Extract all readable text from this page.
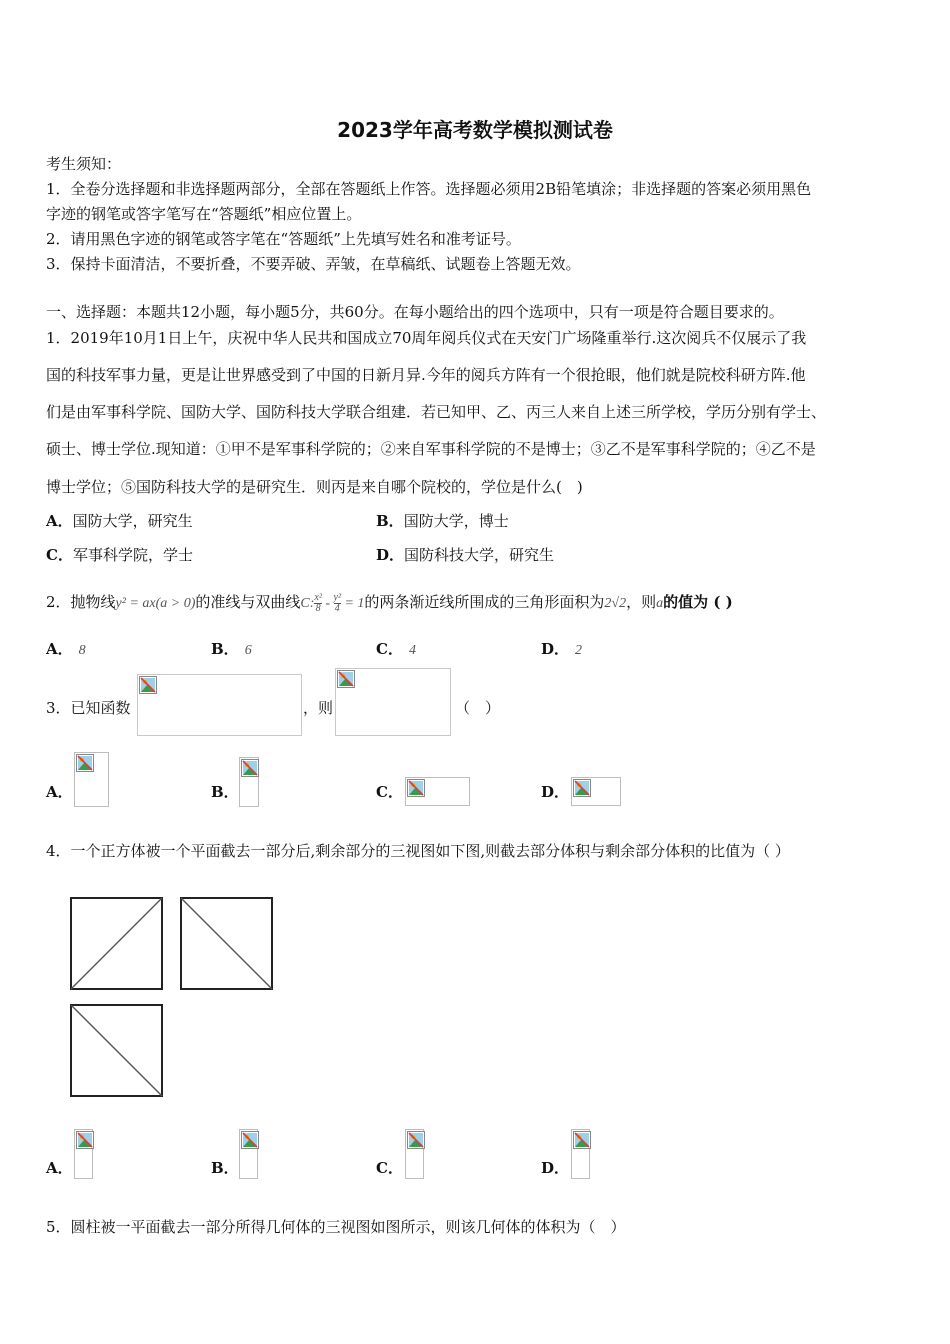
2023学年高考数学模拟测试卷
考生须知：
1．全卷分选择题和非选择题两部分，全部在答题纸上作答。选择题必须用2B铅笔填涂；非选择题的答案必须用黑色
字迹的钢笔或答字笔写在“答题纸”相应位置上。
2．请用黑色字迹的钢笔或答字笔在“答题纸”上先填写姓名和准考证号。
3．保持卡面清洁，不要折叠，不要弄破、弄皱，在草稿纸、试题卷上答题无效。
一、选择题：本题共12小题，每小题5分，共60分。在每小题给出的四个选项中，只有一项是符合题目要求的。
1．2019年10月1日上午，庆祝中华人民共和国成立70周年阅兵仪式在天安门广场隆重举行.这次阅兵不仅展示了我
国的科技军事力量，更是让世界感受到了中国的日新月异.今年的阅兵方阵有一个很抢眼，他们就是院校科研方阵.他
们是由军事科学院、国防大学、国防科技大学联合组建．若已知甲、乙、丙三人来自上述三所学校，学历分别有学士、
硕士、博士学位.现知道：①甲不是军事科学院的；②来自军事科学院的不是博士；③乙不是军事科学院的；④乙不是
博士学位；⑤国防科技大学的是研究生．则丙是来自哪个院校的，学位是什么(　)
A．国防大学，研究生	B．国防大学，博士
C．军事科学院，学士	D．国防科技大学，研究生
2．抛物线y² = ax(a > 0)的准线与双曲线C: $\frac{\text{x²}}{8} - \frac{\text{y²}}{4} = 1$的两条渐近线所围成的三角形面积为2√2，则a的值为 ( )
A． 8	B． 6	C． 4	D． 2
3．已知函数	，则	（　）
A．	B．	C．	D．
4．一个正方体被一个平面截去一部分后,剩余部分的三视图如下图,则截去部分体积与剩余部分体积的比值为（ ）
A．	B．	C．	D．
5．圆柱被一平面截去一部分所得几何体的三视图如图所示，则该几何体的体积为（　）
